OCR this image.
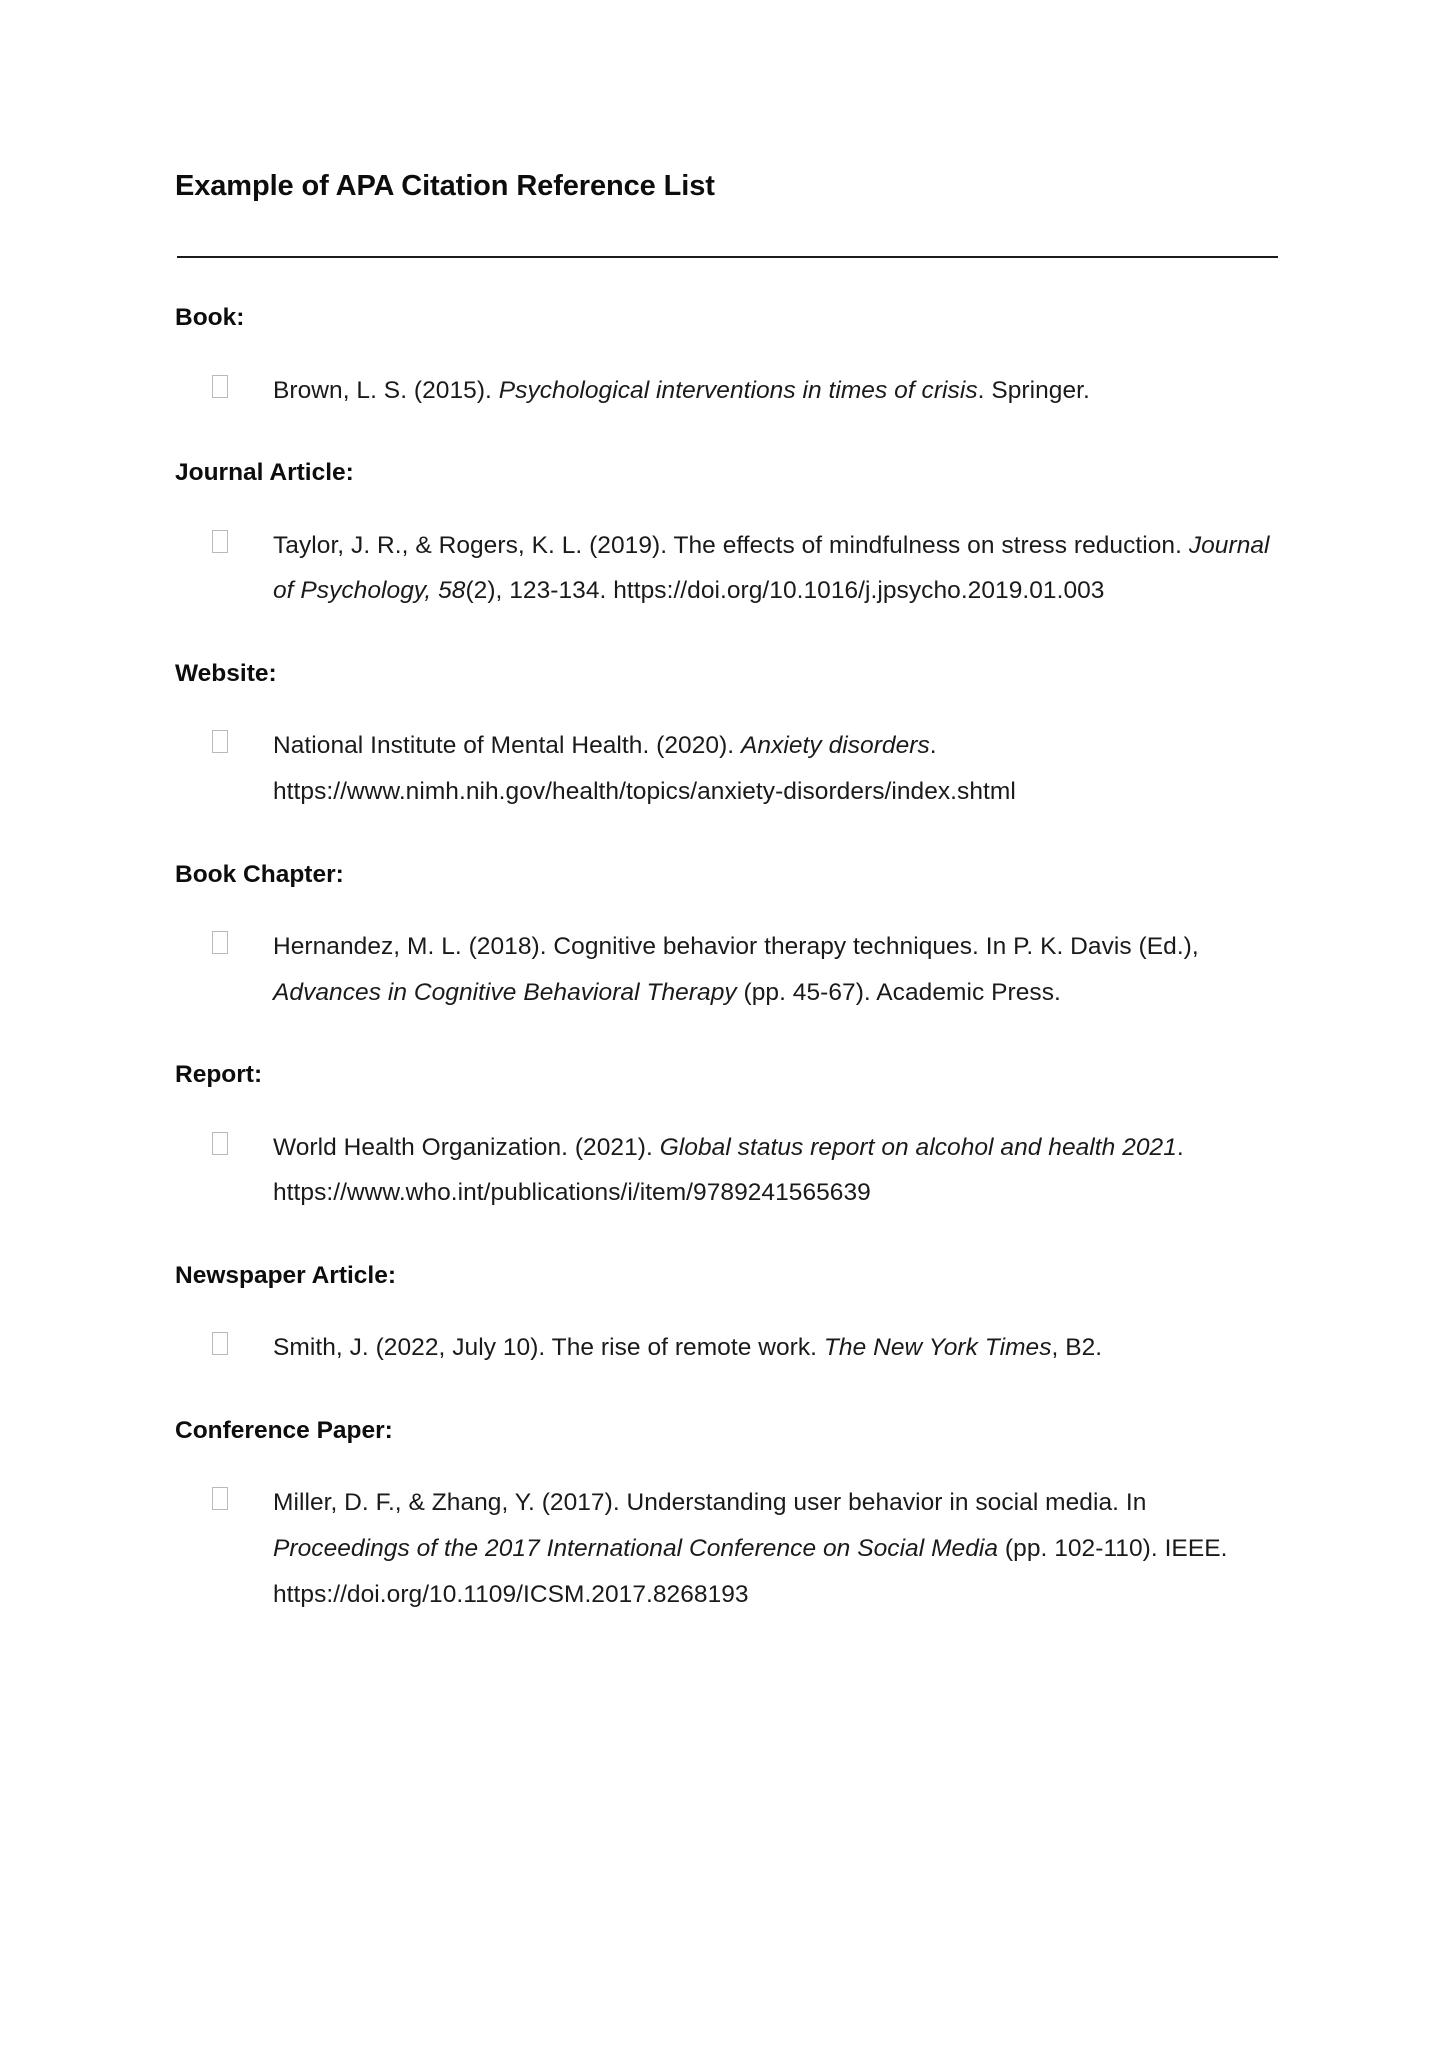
Example of APA Citation Reference List

Book:

Brown, L. S. (2015). Psychological interventions in times of crisis. Springer.

Journal Article:

Taylor, J. R., & Rogers, K. L. (2019). The effects of mindfulness on stress reduction. Journal of Psychology, 58(2), 123-134. https://doi.org/10.1016/j.jpsycho.2019.01.003

Website:

National Institute of Mental Health. (2020). Anxiety disorders. https://www.nimh.nih.gov/health/topics/anxiety-disorders/index.shtml

Book Chapter:

Hernandez, M. L. (2018). Cognitive behavior therapy techniques. In P. K. Davis (Ed.), Advances in Cognitive Behavioral Therapy (pp. 45-67). Academic Press.

Report:

World Health Organization. (2021). Global status report on alcohol and health 2021. https://www.who.int/publications/i/item/9789241565639

Newspaper Article:

Smith, J. (2022, July 10). The rise of remote work. The New York Times, B2.

Conference Paper:

Miller, D. F., & Zhang, Y. (2017). Understanding user behavior in social media. In Proceedings of the 2017 International Conference on Social Media (pp. 102-110). IEEE. https://doi.org/10.1109/ICSM.2017.8268193
